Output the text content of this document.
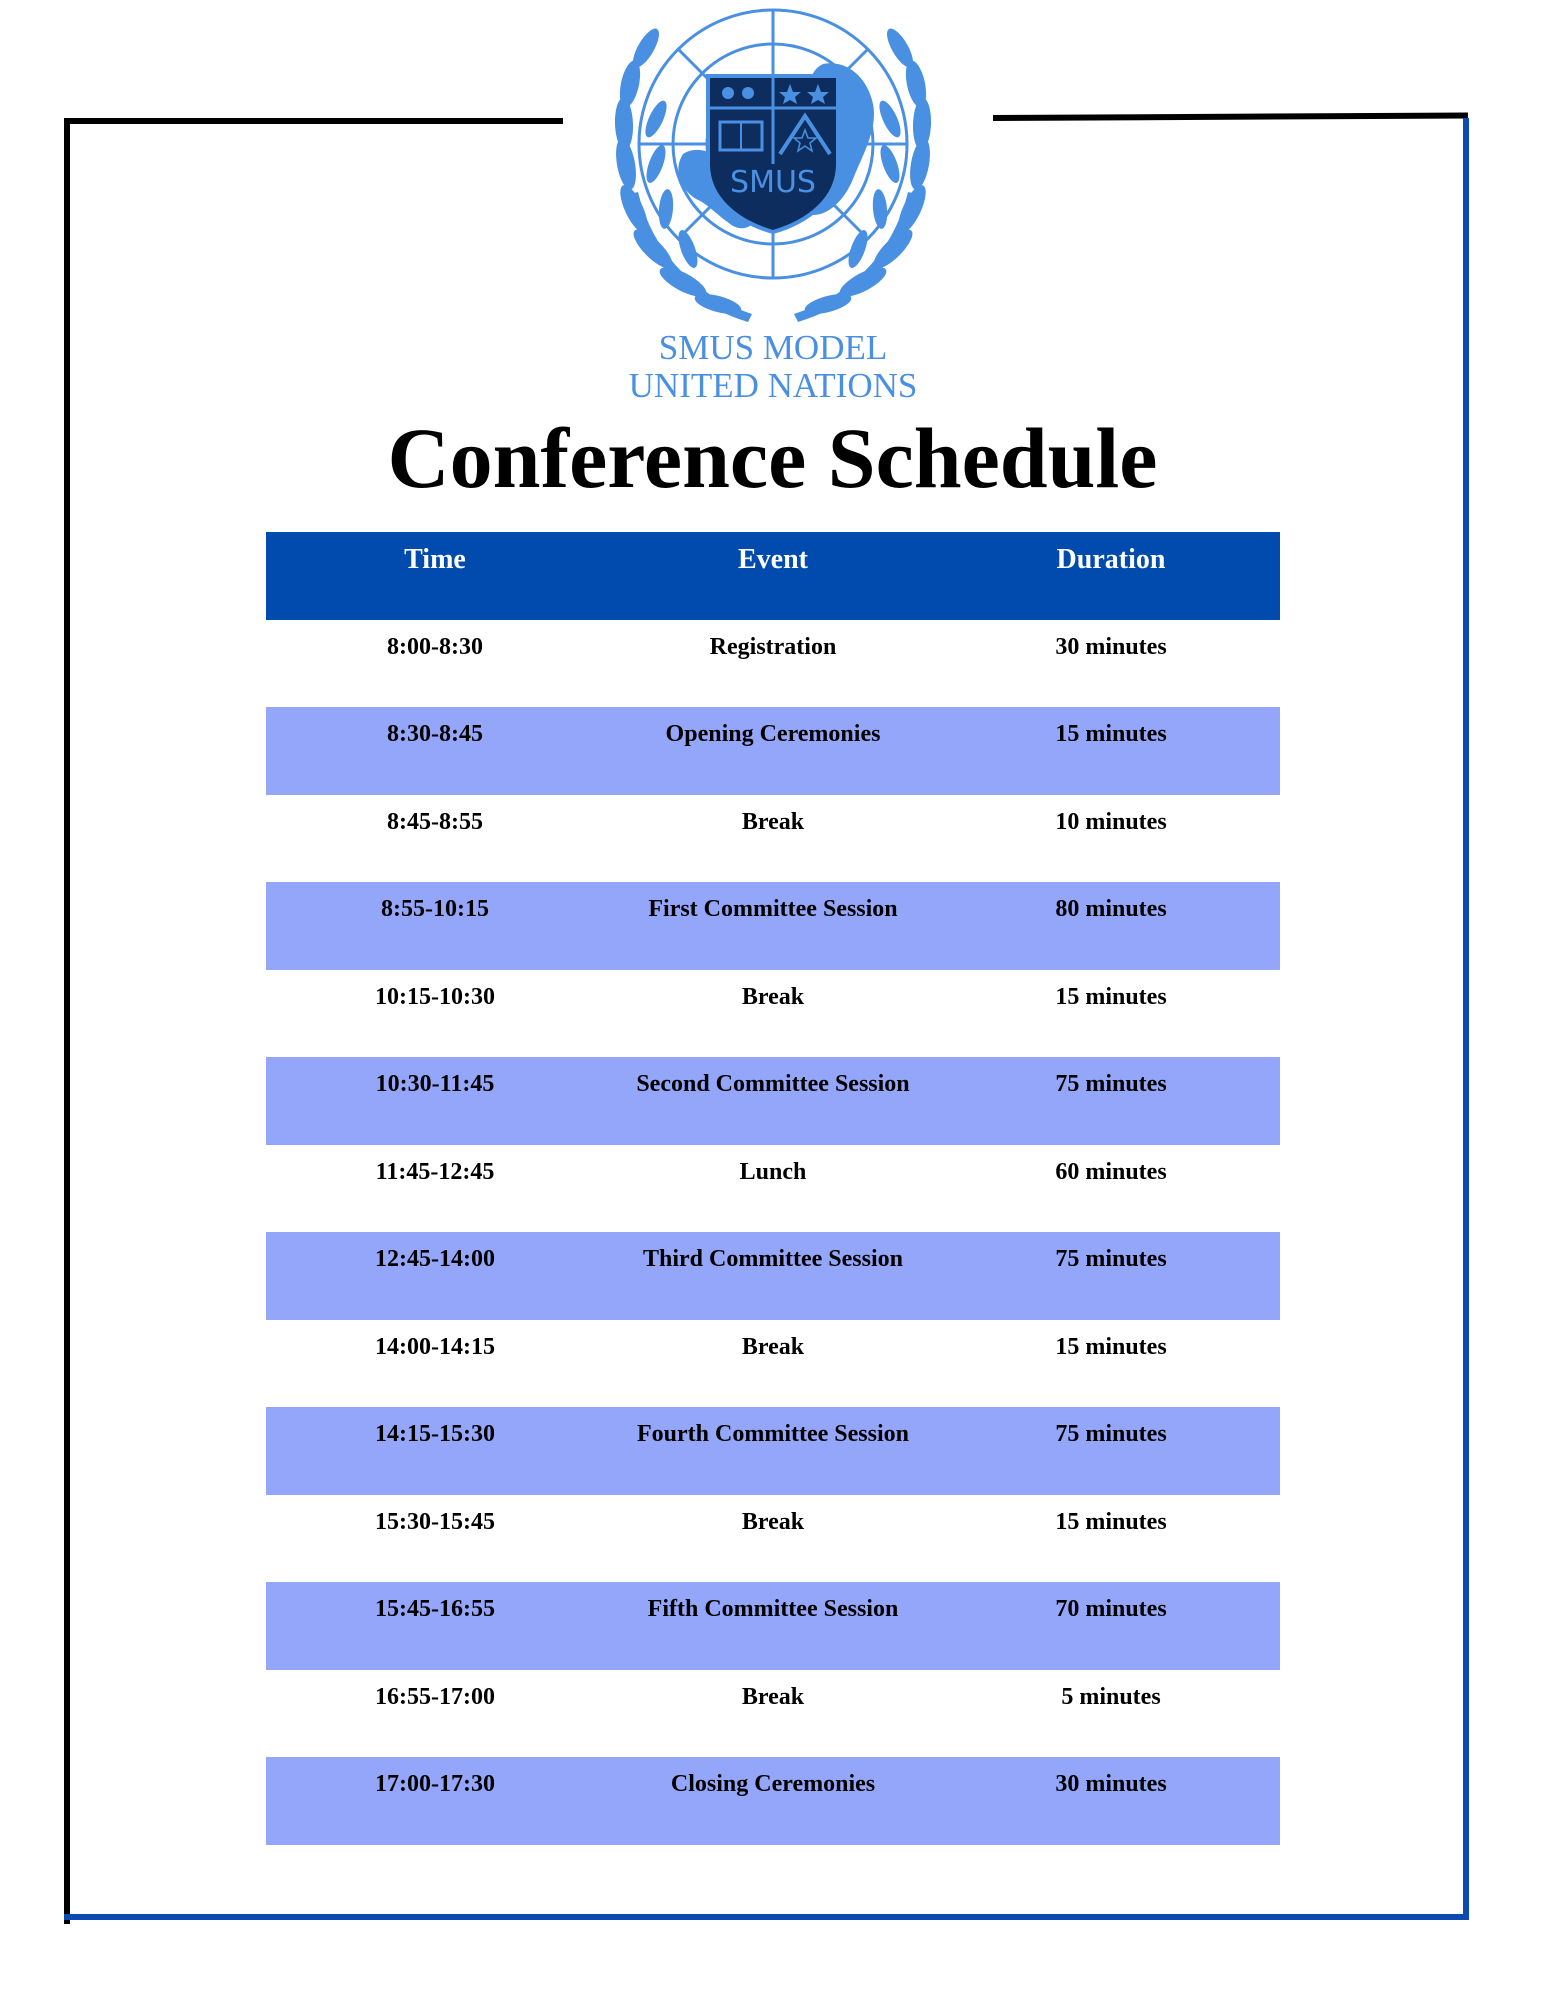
SMUS
SMUS MODEL
UNITED NATIONS
Conference Schedule
Time	Event	Duration
8:00-8:30	Registration	30 minutes
8:30-8:45	Opening Ceremonies	15 minutes
8:45-8:55	Break	10 minutes
8:55-10:15	First Committee Session	80 minutes
10:15-10:30	Break	15 minutes
10:30-11:45	Second Committee Session	75 minutes
11:45-12:45	Lunch	60 minutes
12:45-14:00	Third Committee Session	75 minutes
14:00-14:15	Break	15 minutes
14:15-15:30	Fourth Committee Session	75 minutes
15:30-15:45	Break	15 minutes
15:45-16:55	Fifth Committee Session	70 minutes
16:55-17:00	Break	5 minutes
17:00-17:30	Closing Ceremonies	30 minutes
